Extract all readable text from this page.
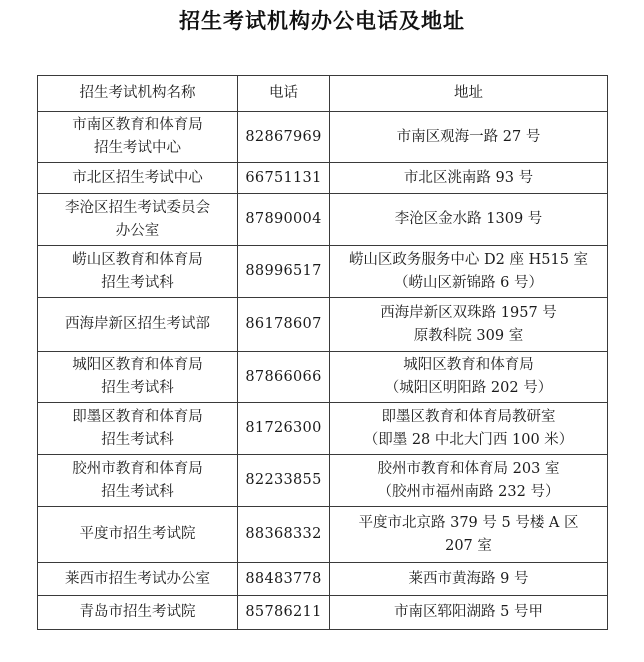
招生考试机构办公电话及地址
招生考试机构名称	电话	地址

市南区教育和体育局
招生考试中心	82867969	市南区观海一路 27 号

市北区招生考试中心	66751131	市北区洮南路 93 号

李沧区招生考试委员会
办公室	87890004	李沧区金水路 1309 号

崂山区教育和体育局
招生考试科	88996517	崂山区政务服务中心 D2 座 H515 室
（崂山区新锦路 6 号）

西海岸新区招生考试部	86178607	西海岸新区双珠路 1957 号
原教科院 309 室

城阳区教育和体育局
招生考试科	87866066	城阳区教育和体育局
（城阳区明阳路 202 号）

即墨区教育和体育局
招生考试科	81726300	即墨区教育和体育局教研室
（即墨 28 中北大门西 100 米）

胶州市教育和体育局
招生考试科	82233855	胶州市教育和体育局 203 室
（胶州市福州南路 232 号）

平度市招生考试院	88368332	平度市北京路 379 号 5 号楼 A 区
207 室

莱西市招生考试办公室	88483778	莱西市黄海路 9 号

青岛市招生考试院	85786211	市南区郓阳湖路 5 号甲
